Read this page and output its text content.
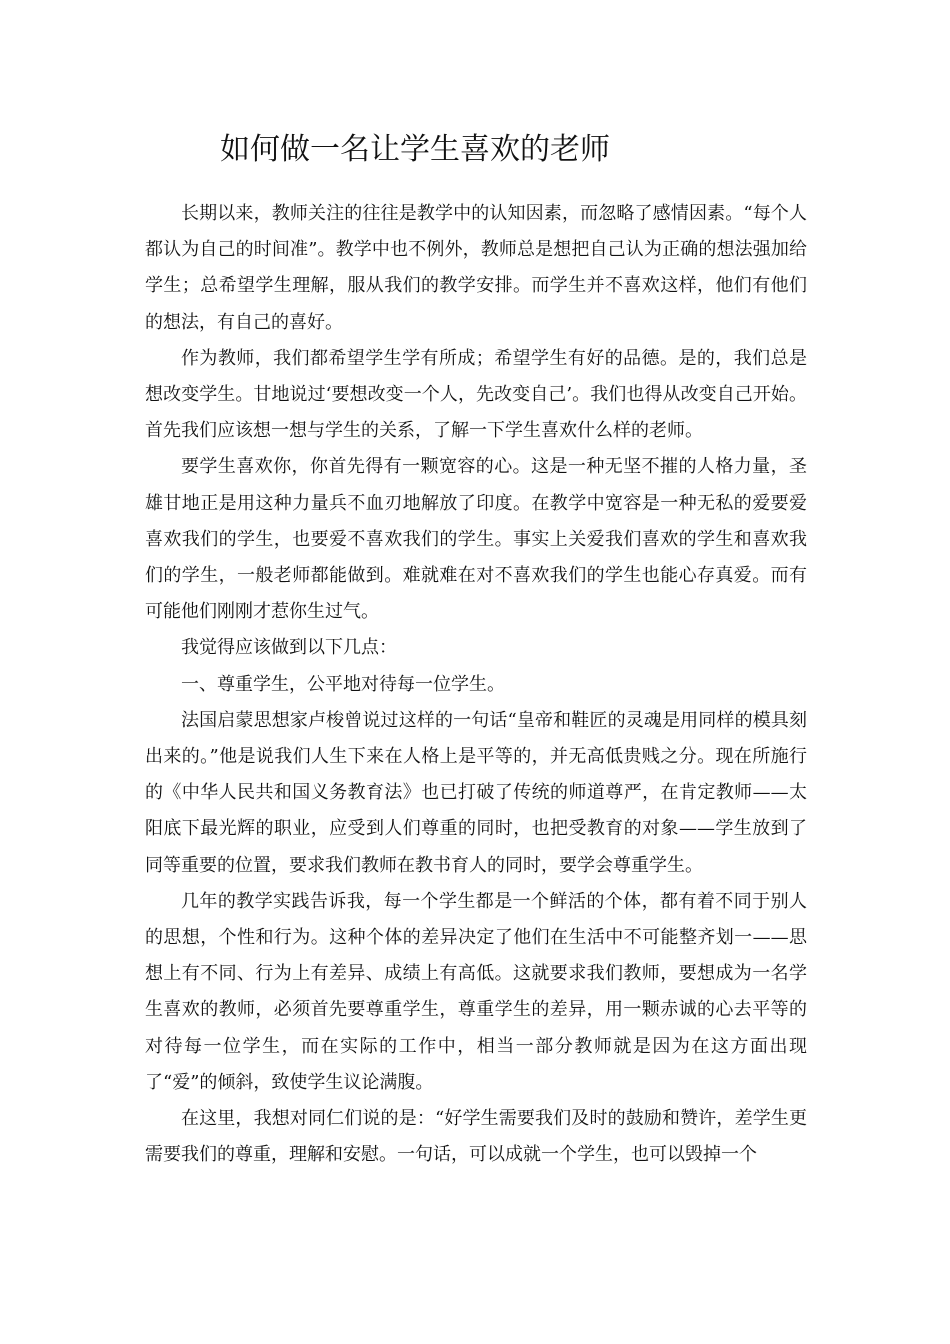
如何做一名让学生喜欢的老师

长期以来，教师关注的往往是教学中的认知因素，而忽略了感情因素。“每个人都认为自己的时间准”。教学中也不例外，教师总是想把自己认为正确的想法强加给学生；总希望学生理解，服从我们的教学安排。而学生并不喜欢这样，他们有他们的想法，有自己的喜好。

作为教师，我们都希望学生学有所成；希望学生有好的品德。是的，我们总是想改变学生。甘地说过‘要想改变一个人，先改变自己’。我们也得从改变自己开始。首先我们应该想一想与学生的关系，了解一下学生喜欢什么样的老师。

要学生喜欢你，你首先得有一颗宽容的心。这是一种无坚不摧的人格力量，圣雄甘地正是用这种力量兵不血刃地解放了印度。在教学中宽容是一种无私的爱要爱喜欢我们的学生，也要爱不喜欢我们的学生。事实上关爱我们喜欢的学生和喜欢我们的学生，一般老师都能做到。难就难在对不喜欢我们的学生也能心存真爱。而有可能他们刚刚才惹你生过气。

我觉得应该做到以下几点：

一、尊重学生，公平地对待每一位学生。

法国启蒙思想家卢梭曾说过这样的一句话“皇帝和鞋匠的灵魂是用同样的模具刻出来的。”他是说我们人生下来在人格上是平等的，并无高低贵贱之分。现在所施行的《中华人民共和国义务教育法》也已打破了传统的师道尊严，在肯定教师——太阳底下最光辉的职业，应受到人们尊重的同时，也把受教育的对象——学生放到了同等重要的位置，要求我们教师在教书育人的同时，要学会尊重学生。

几年的教学实践告诉我，每一个学生都是一个鲜活的个体，都有着不同于别人的思想，个性和行为。这种个体的差异决定了他们在生活中不可能整齐划一——思想上有不同、行为上有差异、成绩上有高低。这就要求我们教师，要想成为一名学生喜欢的教师，必须首先要尊重学生，尊重学生的差异，用一颗赤诚的心去平等的对待每一位学生，而在实际的工作中，相当一部分教师就是因为在这方面出现了“爱”的倾斜，致使学生议论满腹。

在这里，我想对同仁们说的是：“好学生需要我们及时的鼓励和赞许，差学生更需要我们的尊重，理解和安慰。一句话，可以成就一个学生，也可以毁掉一个
